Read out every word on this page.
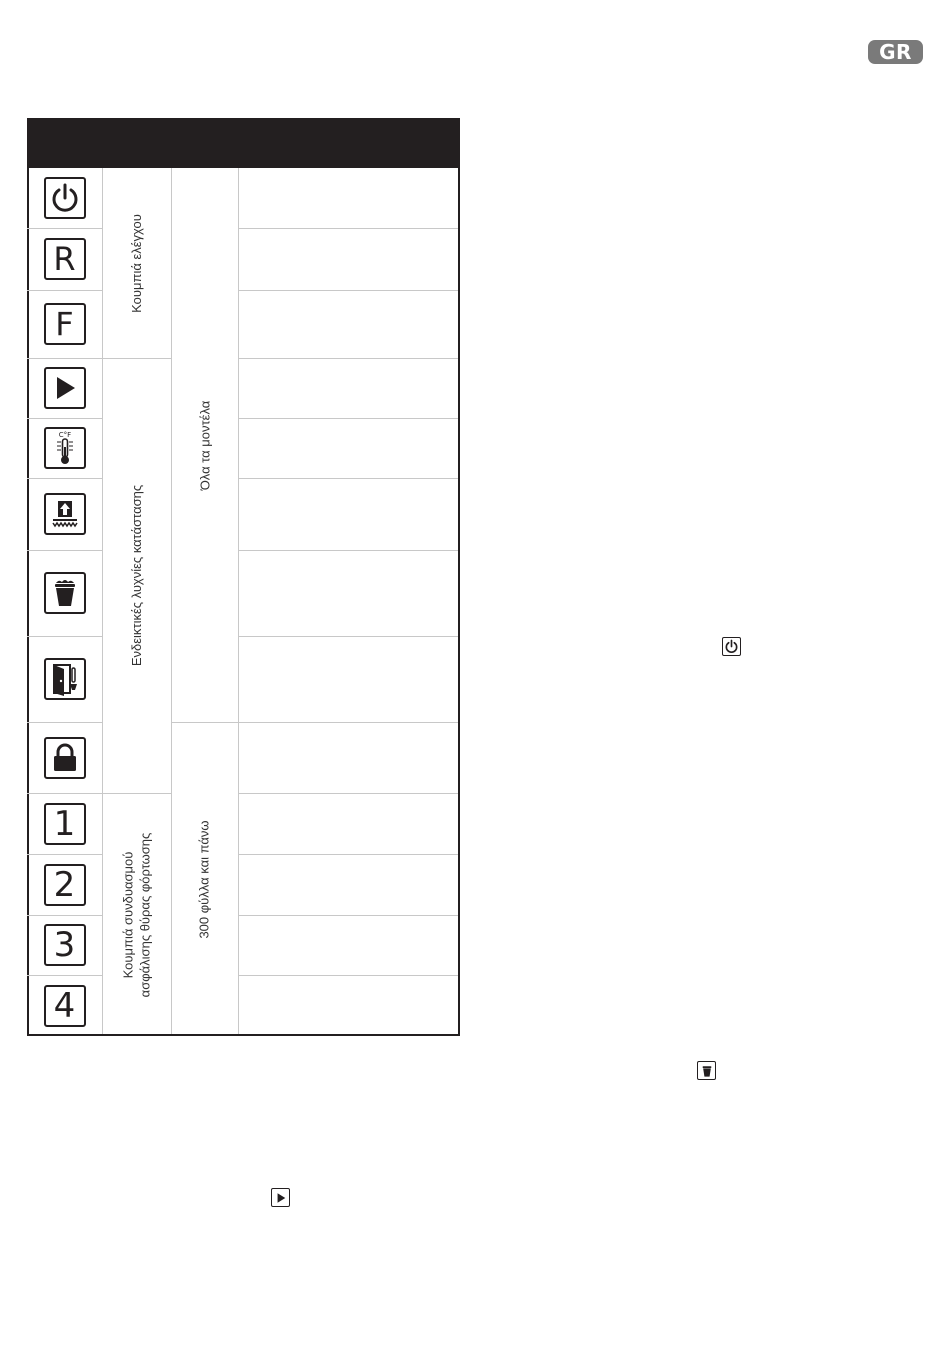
GR
R
F
C°F
1
2
3
4
Κουμπιά ελέγχου
Ενδεικτικές λυχνίες κατάστασης
Κουμπιά συνδυασμού ασφάλισης θύρας φόρτωσης
Όλα τα μοντέλα
300 φύλλα και πάνω
